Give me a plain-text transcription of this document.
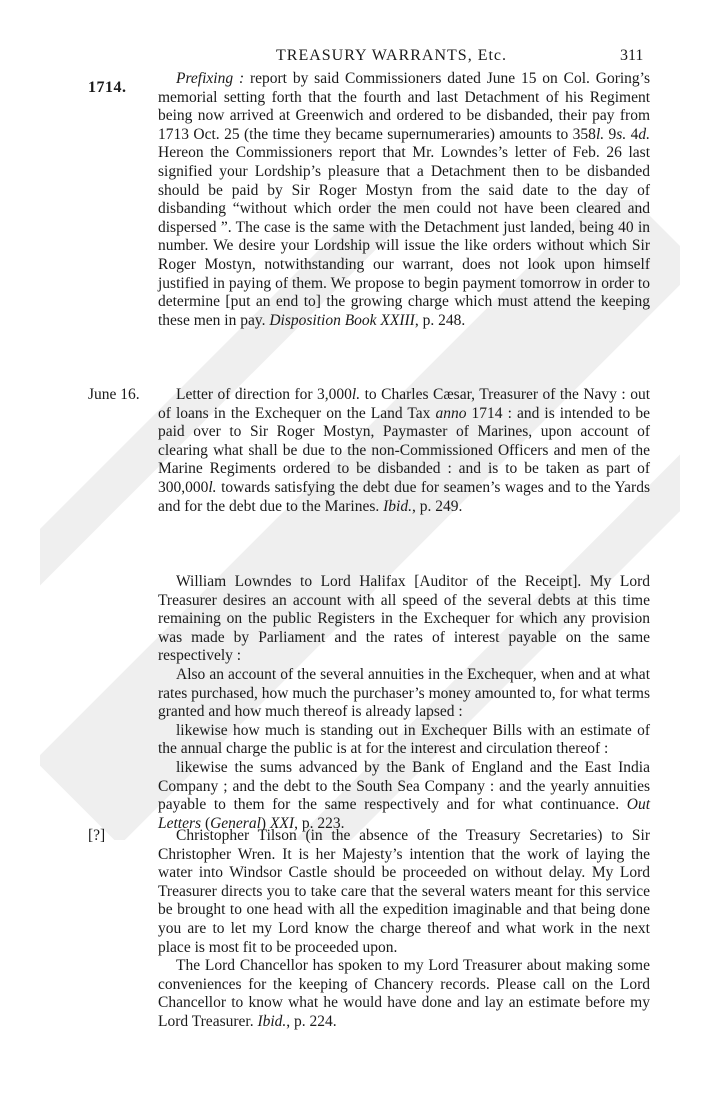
1714.
TREASURY WARRANTS, Etc.	311

Prefixing : report by said Commissioners dated June 15 on Col. Goring’s memorial setting forth that the fourth and last Detachment of his Regiment being now arrived at Greenwich and ordered to be disbanded, their pay from 1713 Oct. 25 (the time they became supernumeraries) amounts to 358l. 9s. 4d. Hereon the Commissioners report that Mr. Lowndes’s letter of Feb. 26 last signified your Lordship’s pleasure that a Detachment then to be disbanded should be paid by Sir Roger Mostyn from the said date to the day of disbanding “without which order the men could not have been cleared and dispersed ”. The case is the same with the Detachment just landed, being 40 in number. We desire your Lordship will issue the like orders without which Sir Roger Mostyn, notwithstanding our warrant, does not look upon himself justified in paying of them. We propose to begin payment tomorrow in order to determine [put an end to] the growing charge which must attend the keeping these men in pay. Disposition Book XXIII, p. 248.

June 16.	Letter of direction for 3,000l. to Charles Cæsar, Treasurer of the Navy : out of loans in the Exchequer on the Land Tax anno 1714 : and is intended to be paid over to Sir Roger Mostyn, Paymaster of Marines, upon account of clearing what shall be due to the non-Commissioned Officers and men of the Marine Regiments ordered to be disbanded : and is to be taken as part of 300,000l. towards satisfying the debt due for seamen’s wages and to the Yards and for the debt due to the Marines. Ibid., p. 249.

William Lowndes to Lord Halifax [Auditor of the Receipt]. My Lord Treasurer desires an account with all speed of the several debts at this time remaining on the public Registers in the Exchequer for which any provision was made by Parliament and the rates of interest payable on the same respectively :

Also an account of the several annuities in the Exchequer, when and at what rates purchased, how much the purchaser’s money amounted to, for what terms granted and how much thereof is already lapsed :

likewise how much is standing out in Exchequer Bills with an estimate of the annual charge the public is at for the interest and circulation thereof :

likewise the sums advanced by the Bank of England and the East India Company ; and the debt to the South Sea Company : and the yearly annuities payable to them for the same respectively and for what continuance. Out Letters (General) XXI, p. 223.

[?]	Christopher Tilson (in the absence of the Treasury Secretaries) to Sir Christopher Wren. It is her Majesty’s intention that the work of laying the water into Windsor Castle should be proceeded on without delay. My Lord Treasurer directs you to take care that the several waters meant for this service be brought to one head with all the expedition imaginable and that being done you are to let my Lord know the charge thereof and what work in the next place is most fit to be proceeded upon.

The Lord Chancellor has spoken to my Lord Treasurer about making some conveniences for the keeping of Chancery records. Please call on the Lord Chancellor to know what he would have done and lay an estimate before my Lord Treasurer. Ibid., p. 224.
